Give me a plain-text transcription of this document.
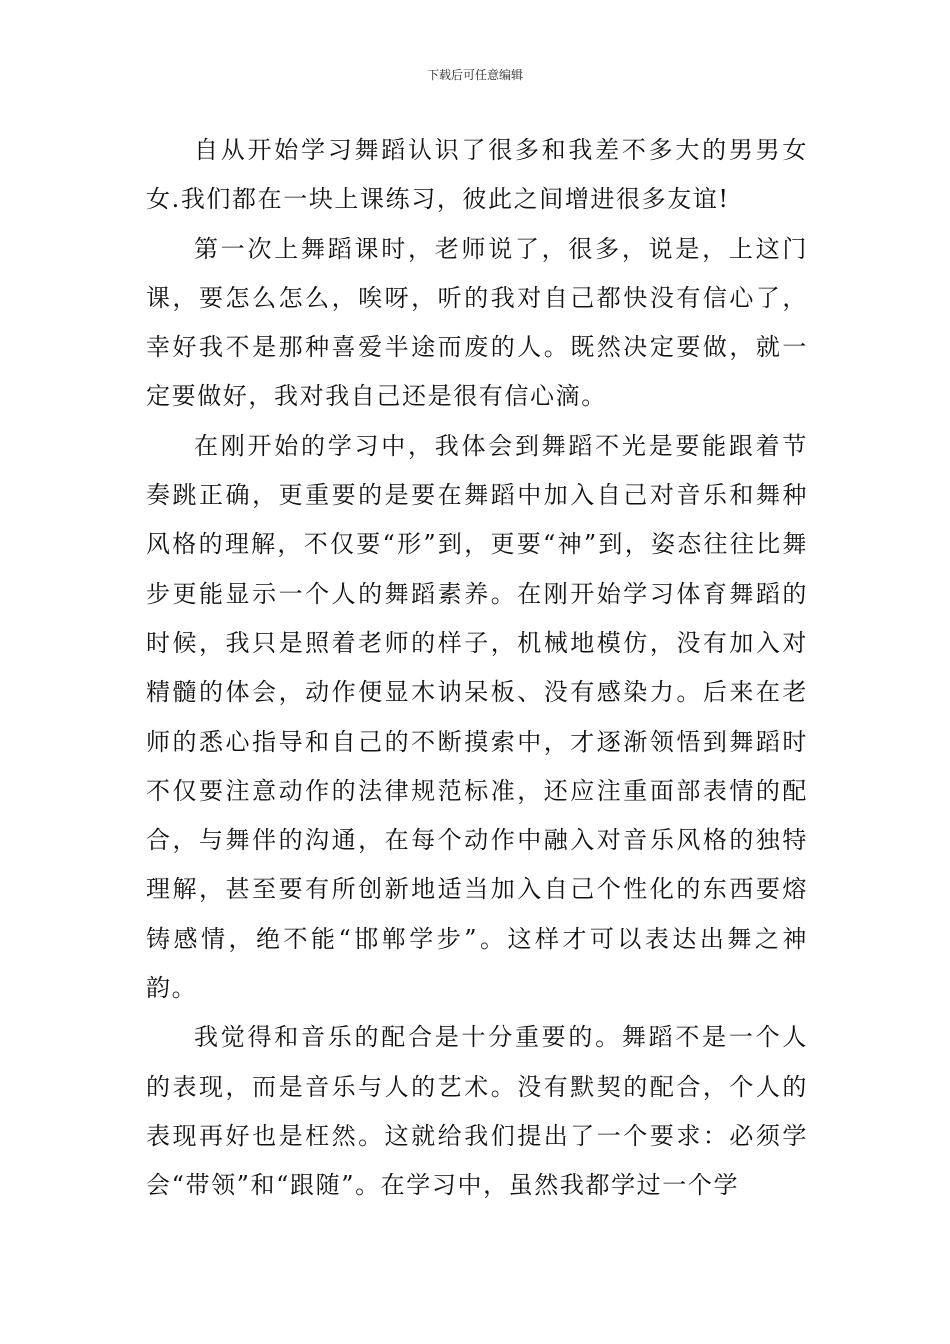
下载后可任意编辑

自从开始学习舞蹈认识了很多和我差不多大的男男女女.我们都在一块上课练习，彼此之间增进很多友谊!

第一次上舞蹈课时，老师说了，很多，说是，上这门课，要怎么怎么，唉呀，听的我对自己都快没有信心了，幸好我不是那种喜爱半途而废的人。既然决定要做，就一定要做好，我对我自己还是很有信心滴。

在刚开始的学习中，我体会到舞蹈不光是要能跟着节奏跳正确，更重要的是要在舞蹈中加入自己对音乐和舞种风格的理解，不仅要“形”到，更要“神”到，姿态往往比舞步更能显示一个人的舞蹈素养。在刚开始学习体育舞蹈的时候，我只是照着老师的样子，机械地模仿，没有加入对精髓的体会，动作便显木讷呆板、没有感染力。后来在老师的悉心指导和自己的不断摸索中，才逐渐领悟到舞蹈时不仅要注意动作的法律规范标准，还应注重面部表情的配合，与舞伴的沟通，在每个动作中融入对音乐风格的独特理解，甚至要有所创新地适当加入自己个性化的东西要熔铸感情，绝不能“邯郸学步”。这样才可以表达出舞之神韵。

我觉得和音乐的配合是十分重要的。舞蹈不是一个人的表现，而是音乐与人的艺术。没有默契的配合，个人的表现再好也是枉然。这就给我们提出了一个要求：必须学会“带领”和“跟随”。在学习中，虽然我都学过一个学
